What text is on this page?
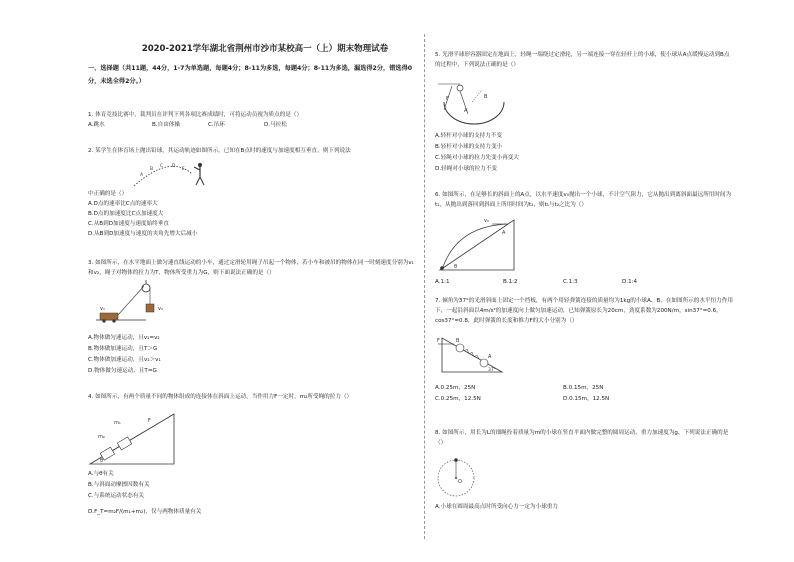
2020-2021学年湖北省荆州市沙市某校高一（上）期末物理试卷
一、选择题（共11题，44分，1-7为单选题，每题4分；8-11为多选，每题4分；8-11为多选，漏选得2分，错选得0分，未选全得2分。）
1. 体育竞技比赛中，裁判员在评判下列各项比赛成绩时，可将运动员视为质点的是（）
A.跳水	B.自由体操	C.吊环	D.马拉松
2. 某学生在体育场上抛出铅球，其运动轨迹如图所示，已知在B点时的速度与加速度相互垂直，则下列说法
A
B
C D
E
中正确的是（）
A.D点的速率比C点的速率大
B.D点的加速度比C点加速度大
C.从B到D加速度与速度始终垂直
D.从B到D加速度与速度的夹角先增大后减小
3. 如图所示，在水平地面上做匀速直线运动的小车，通过定滑轮用绳子吊起一个物体，若小车和被吊的物体在同一时刻速度分别为v₁和v₂，绳子对物体的拉力为T，物体所受重力为G，则下面说法正确的是（）
v₁	v₂
A.物体做匀速运动，且v₁=v₂
B.物体做加速运动，且T＞G
C.物体做加速运动，且v₂＞v₁
D.物体做匀速运动，且T=G
4. 如图所示，有两个质量不同的物体组成的连接体在斜面上运动，当作用力F一定时，m₂所受绳的拉力（）
F
m₁
m₂
θ
A.与θ有关
B.与斜面动摩擦因数有关
C.与系统运动状态有关
D.F_T=m₂F/(m₁+m₂)，仅与两物体质量有关
5. 光滑半球形容器固定在地面上，轻绳一端绕过定滑轮，另一端连接一穿在轻杆上的小球，使小球从A点缓慢运动到B点的过程中，下列说法正确的是（）
F
A
B
A.轻杆对小球的支持力不变
B.轻杆对小球的支持力变小
C.轻绳对小球的拉力先变小再变大
D.轻绳对小球的拉力不变
6. 如图所示，在足够长的斜面上的A点，以水平速度v₀抛出一个小球，不计空气阻力，它从抛出到离斜面最远所用时间为t₁，从抛出到落回到斜面上所用时间为t₂，则t₁与t₂之比为（）
v₀
A
θ
A.1:1	B.1:2	C.1:3	D.1:4
7. 倾角为37°的光滑斜面上固定一个挡板，有两个用轻弹簧连接的质量均为1kg的小球A、B，在如图所示的水平恒力作用下，一起沿斜面以4m/s²的加速度向上做匀加速运动，已知弹簧原长为20cm，劲度系数为200N/m，sin37°=0.6，cos37°=0.8，此时弹簧的长度和推力F的大小分别为（）
F	B
A
37°
A.0.25m，25N	B.0.15m，25N
C.0.25m，12.5N	D.0.15m，12.5N
8. 如图所示，用长为L的细绳拴着质量为m的小球在竖直平面内做完整的圆周运动，重力加速度为g，下列说法正确的是（）
O
A.小球在圆周最高点时所受向心力一定为小球重力
